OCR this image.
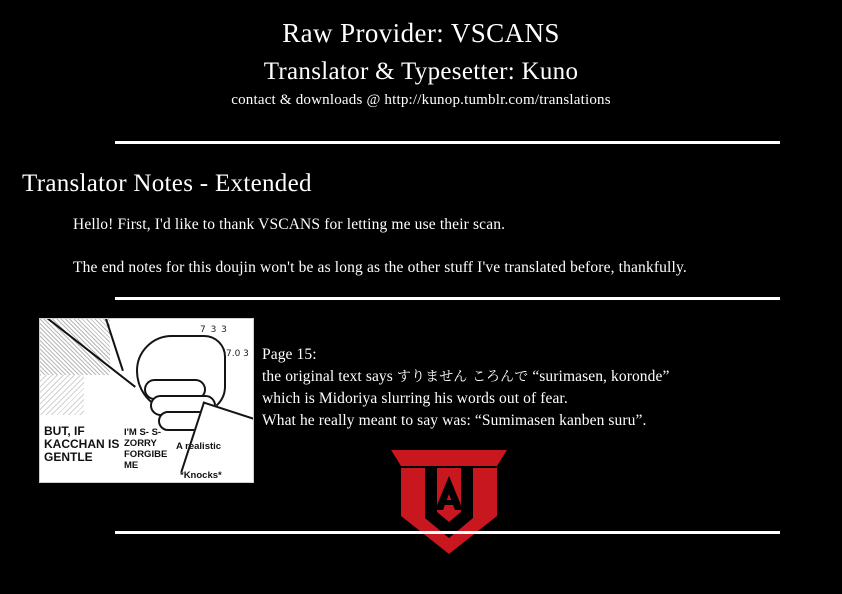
Raw Provider: VSCANS
Translator & Typesetter: Kuno
contact & downloads @ http://kunop.tumblr.com/translations
Translator Notes - Extended
Hello! First, I'd like to thank VSCANS for letting me use their scan.
The end notes for this doujin won't be as long as the other stuff I've translated before, thankfully.
7 3 3
7.0 3
BUT, IF KACCHAN IS GENTLE
I'M S- S-ZORRY FORGIBE ME
A realistic
*Knocks*
Page 15:
the original text says すりません ころんで “surimasen, koronde”
which is Midoriya slurring his words out of fear.
What he really meant to say was: “Sumimasen kanben suru”.
